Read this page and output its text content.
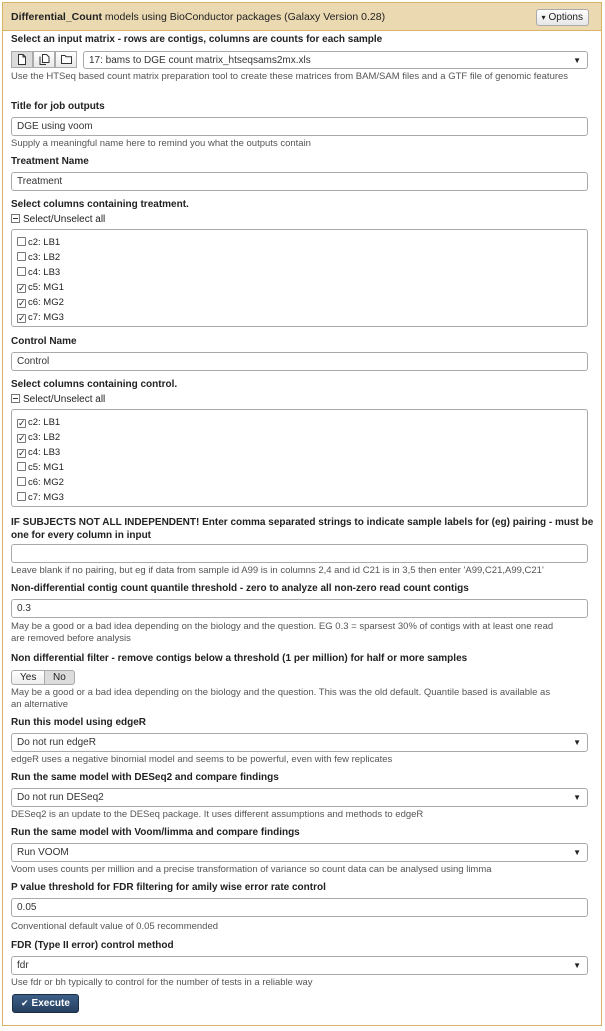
Differential_Count models using BioConductor packages (Galaxy Version 0.28)	▾ Options
Select an input matrix - rows are contigs, columns are counts for each sample
17: bams to DGE count matrix_htseqsams2mx.xls	▼
Use the HTSeq based count matrix preparation tool to create these matrices from BAM/SAM files and a GTF file of genomic features
Title for job outputs
DGE using voom
Supply a meaningful name here to remind you what the outputs contain
Treatment Name
Treatment
Select columns containing treatment.
Select/Unselect all
c2: LB1
c3: LB2
c4: LB3
✓ c5: MG1
✓ c6: MG2
✓ c7: MG3
Control Name
Control
Select columns containing control.
Select/Unselect all
✓ c2: LB1
✓ c3: LB2
✓ c4: LB3
c5: MG1
c6: MG2
c7: MG3
IF SUBJECTS NOT ALL INDEPENDENT! Enter comma separated strings to indicate sample labels for (eg) pairing - must be
one for every column in input
Leave blank if no pairing, but eg if data from sample id A99 is in columns 2,4 and id C21 is in 3,5 then enter 'A99,C21,A99,C21'
Non-differential contig count quantile threshold - zero to analyze all non-zero read count contigs
0.3
May be a good or a bad idea depending on the biology and the question. EG 0.3 = sparsest 30% of contigs with at least one read
are removed before analysis
Non differential filter - remove contigs below a threshold (1 per million) for half or more samples
Yes	No
May be a good or a bad idea depending on the biology and the question. This was the old default. Quantile based is available as
an alternative
Run this model using edgeR
Do not run edgeR	▼
edgeR uses a negative binomial model and seems to be powerful, even with few replicates
Run the same model with DESeq2 and compare findings
Do not run DESeq2	▼
DESeq2 is an update to the DESeq package. It uses different assumptions and methods to edgeR
Run the same model with Voom/limma and compare findings
Run VOOM	▼
Voom uses counts per million and a precise transformation of variance so count data can be analysed using limma
P value threshold for FDR filtering for amily wise error rate control
0.05
Conventional default value of 0.05 recommended
FDR (Type II error) control method
fdr	▼
Use fdr or bh typically to control for the number of tests in a reliable way
✔ Execute
